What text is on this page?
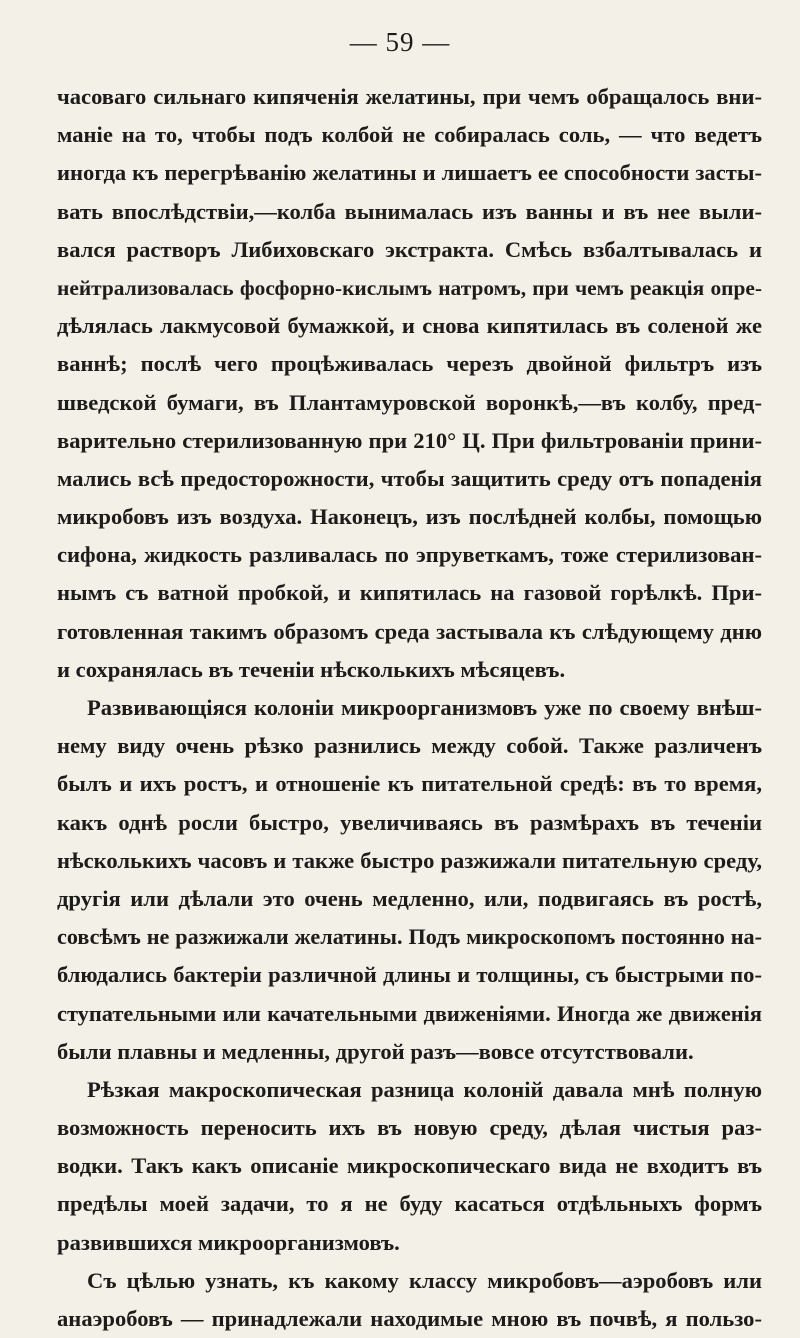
— 59 —
часоваго сильнаго кипяченія желатины, при чемъ обращалось вни-
маніе на то, чтобы подъ колбой не собиралась соль, — что ведетъ
иногда къ перегрѣванію желатины и лишаетъ ее способности засты-
вать впослѣдствіи,—колба вынималась изъ ванны и въ нее выли-
вался растворъ Либиховскаго экстракта. Смѣсь взбалтывалась и
нейтрализовалась фосфорно-кислымъ натромъ, при чемъ реакція опре-
дѣлялась лакмусовой бумажкой, и снова кипятилась въ соленой же
ваннѣ; послѣ чего процѣживалась черезъ двойной фильтръ изъ
шведской бумаги, въ Плантамуровской воронкѣ,—въ колбу, пред-
варительно стерилизованную при 210° Ц. При фильтрованіи прини-
мались всѣ предосторожности, чтобы защитить среду отъ попаденія
микробовъ изъ воздуха. Наконецъ, изъ послѣдней колбы, помощью
сифона, жидкость разливалась по эпруветкамъ, тоже стерилизован-
нымъ съ ватной пробкой, и кипятилась на газовой горѣлкѣ. При-
готовленная такимъ образомъ среда застывала къ слѣдующему дню
и сохранялась въ теченіи нѣсколькихъ мѣсяцевъ.
Развивающіяся колоніи микроорганизмовъ уже по своему внѣш-
нему виду очень рѣзко разнились между собой. Также различенъ
былъ и ихъ ростъ, и отношеніе къ питательной средѣ: въ то время,
какъ однѣ росли быстро, увеличиваясь въ размѣрахъ въ теченіи
нѣсколькихъ часовъ и также быстро разжижали питательную среду,
другія или дѣлали это очень медленно, или, подвигаясь въ ростѣ,
совсѣмъ не разжижали желатины. Подъ микроскопомъ постоянно на-
блюдались бактеріи различной длины и толщины, съ быстрыми по-
ступательными или качательными движеніями. Иногда же движенія
были плавны и медленны, другой разъ—вовсе отсутствовали.
Рѣзкая макроскопическая разница колоній давала мнѣ полную
возможность переносить ихъ въ новую среду, дѣлая чистыя раз-
водки. Такъ какъ описаніе микроскопическаго вида не входитъ въ
предѣлы моей задачи, то я не буду касаться отдѣльныхъ формъ
развившихся микроорганизмовъ.
Съ цѣлью узнать, къ какому классу микробовъ—аэробовъ или
анаэробовъ — принадлежали находимые мною въ почвѣ, я пользо-
